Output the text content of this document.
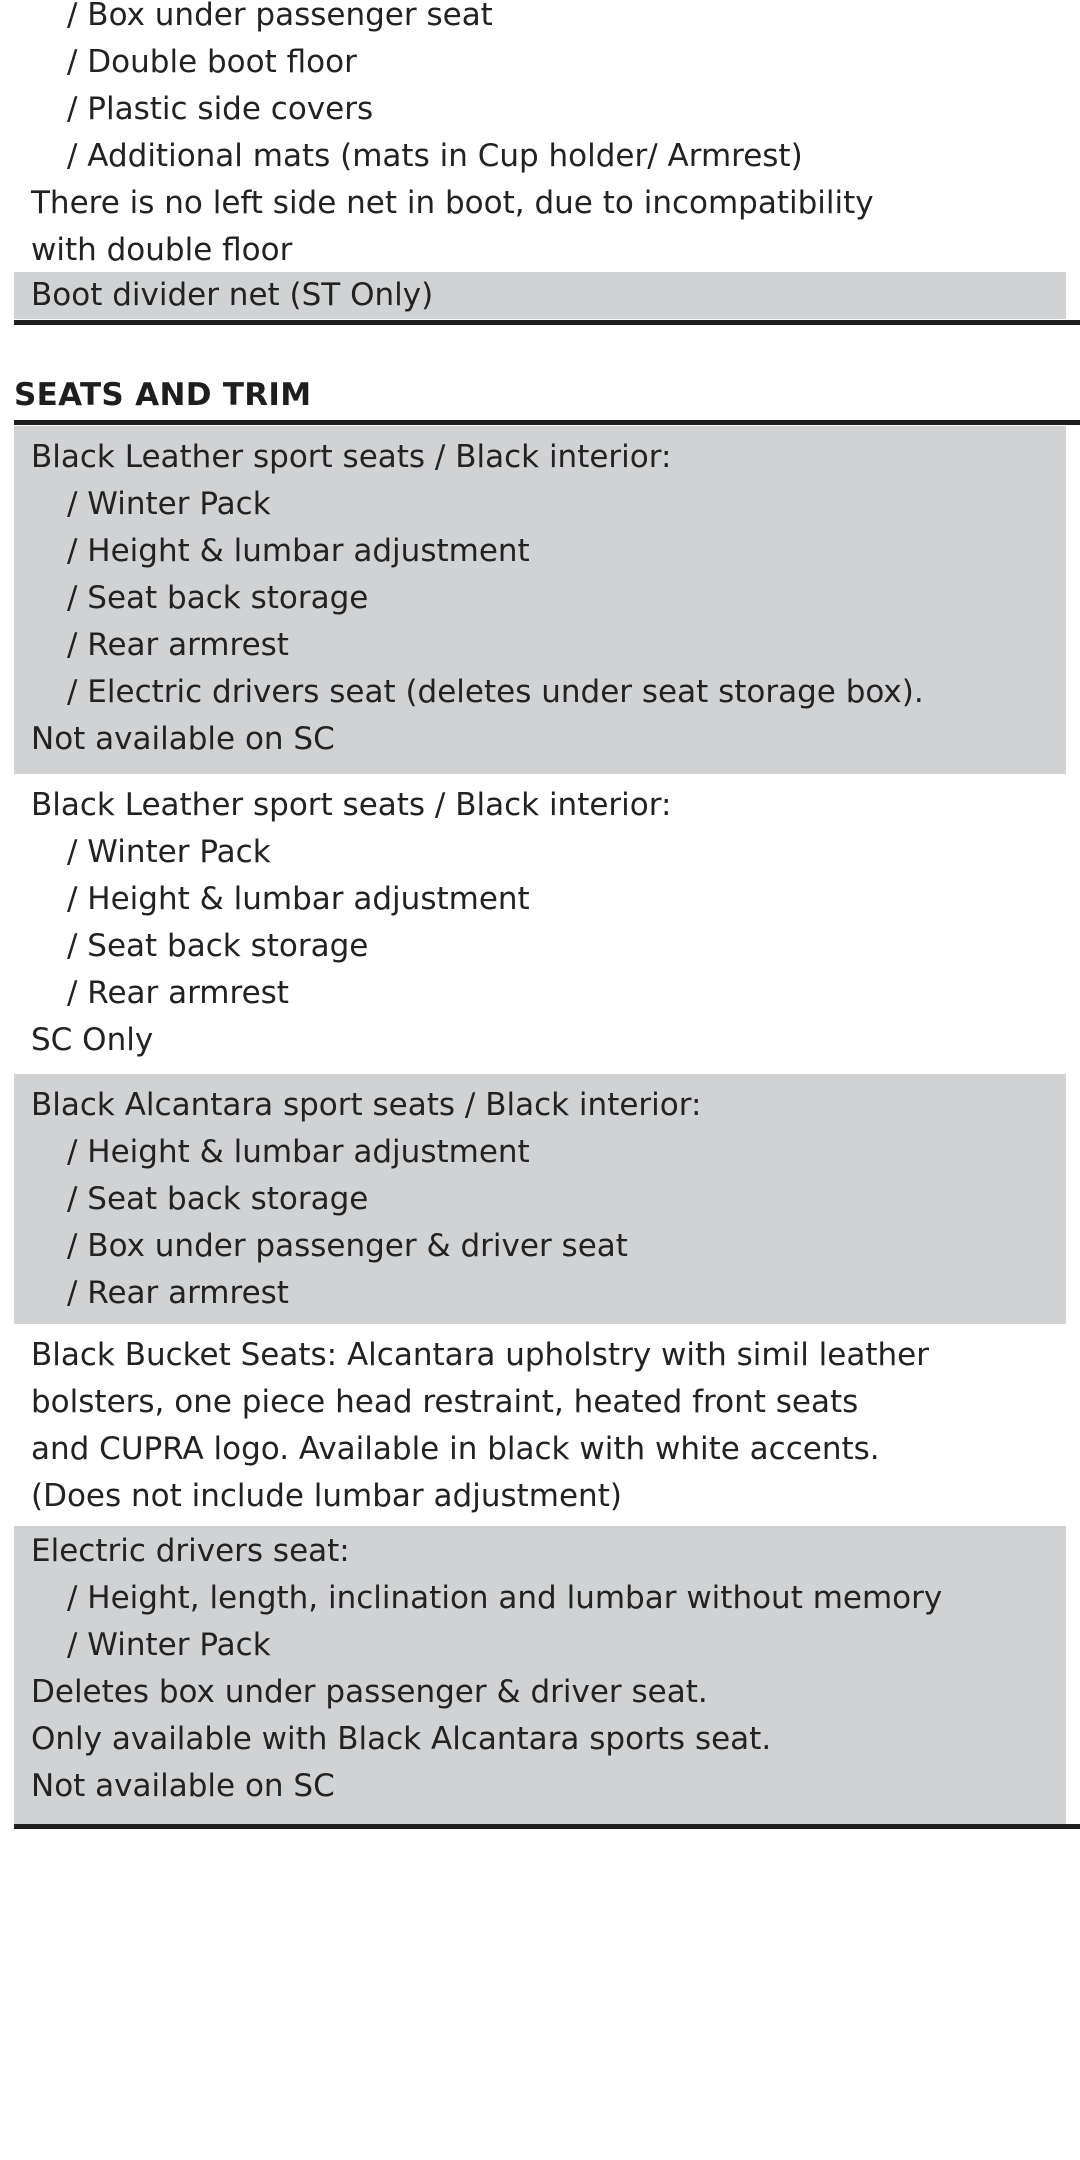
/ Box under passenger seat
/ Double boot floor
/ Plastic side covers
/ Additional mats (mats in Cup holder/ Armrest)
There is no left side net in boot, due to incompatibility
with double floor
Boot divider net (ST Only)
SEATS AND TRIM
Black Leather sport seats / Black interior:
/ Winter Pack
/ Height & lumbar adjustment
/ Seat back storage
/ Rear armrest
/ Electric drivers seat (deletes under seat storage box).
Not available on SC
Black Leather sport seats / Black interior:
/ Winter Pack
/ Height & lumbar adjustment
/ Seat back storage
/ Rear armrest
SC Only
Black Alcantara sport seats / Black interior:
/ Height & lumbar adjustment
/ Seat back storage
/ Box under passenger & driver seat
/ Rear armrest
Black Bucket Seats: Alcantara upholstry with simil leather
bolsters, one piece head restraint, heated front seats
and CUPRA logo. Available in black with white accents.
(Does not include lumbar adjustment)
Electric drivers seat:
/ Height, length, inclination and lumbar without memory
/ Winter Pack
Deletes box under passenger & driver seat.
Only available with Black Alcantara sports seat.
Not available on SC
